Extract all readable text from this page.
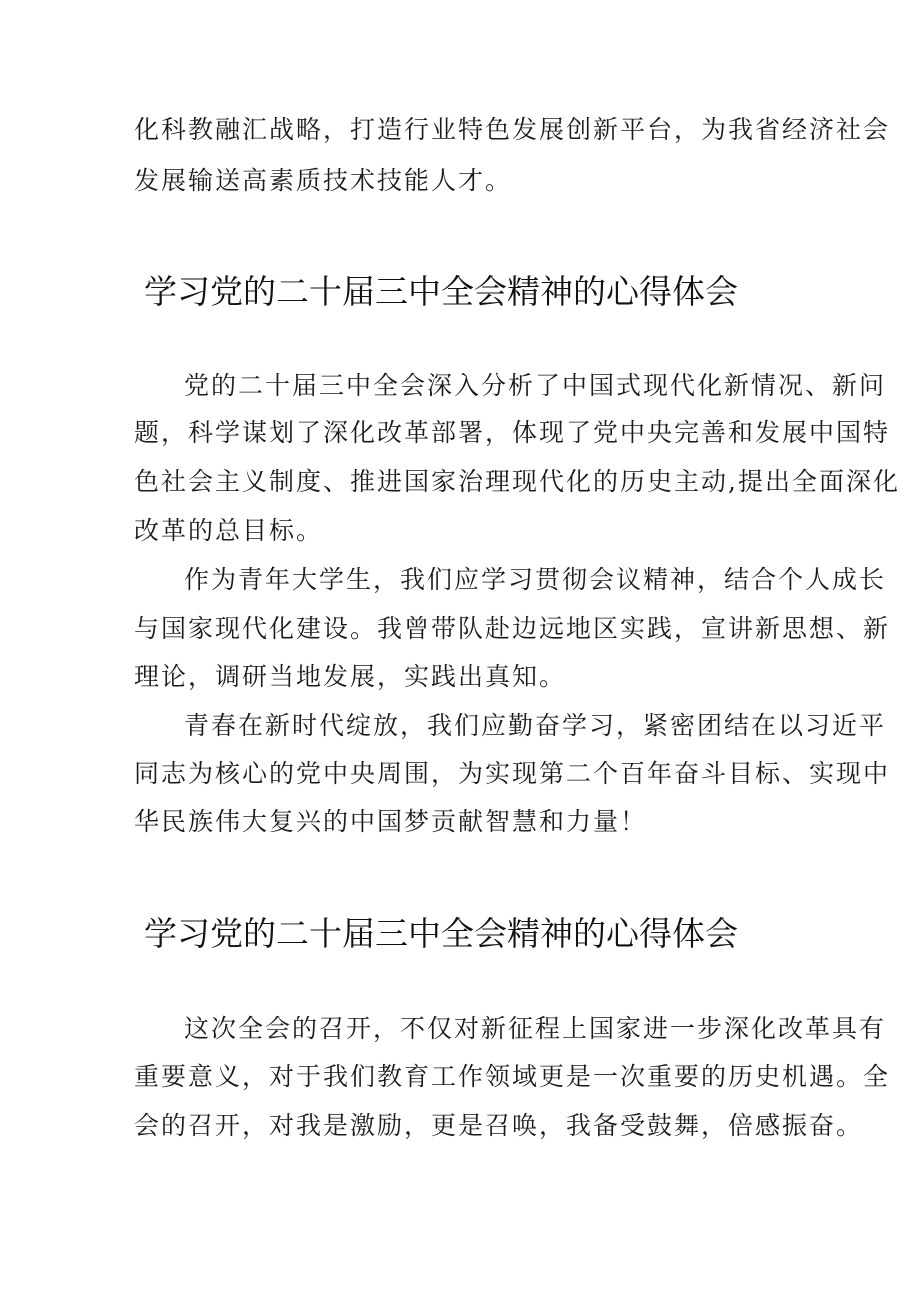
化科教融汇战略，打造行业特色发展创新平台，为我省经济社会

发展输送高素质技术技能人才。

学习党的二十届三中全会精神的心得体会

党的二十届三中全会深入分析了中国式现代化新情况、新问

题，科学谋划了深化改革部署，体现了党中央完善和发展中国特

色社会主义制度、推进国家治理现代化的历史主动,提出全面深化

改革的总目标。

作为青年大学生，我们应学习贯彻会议精神，结合个人成长

与国家现代化建设。我曾带队赴边远地区实践，宣讲新思想、新

理论，调研当地发展，实践出真知。

青春在新时代绽放，我们应勤奋学习，紧密团结在以习近平

同志为核心的党中央周围，为实现第二个百年奋斗目标、实现中

华民族伟大复兴的中国梦贡献智慧和力量！

学习党的二十届三中全会精神的心得体会

这次全会的召开，不仅对新征程上国家进一步深化改革具有

重要意义，对于我们教育工作领域更是一次重要的历史机遇。全

会的召开，对我是激励，更是召唤，我备受鼓舞，倍感振奋。
